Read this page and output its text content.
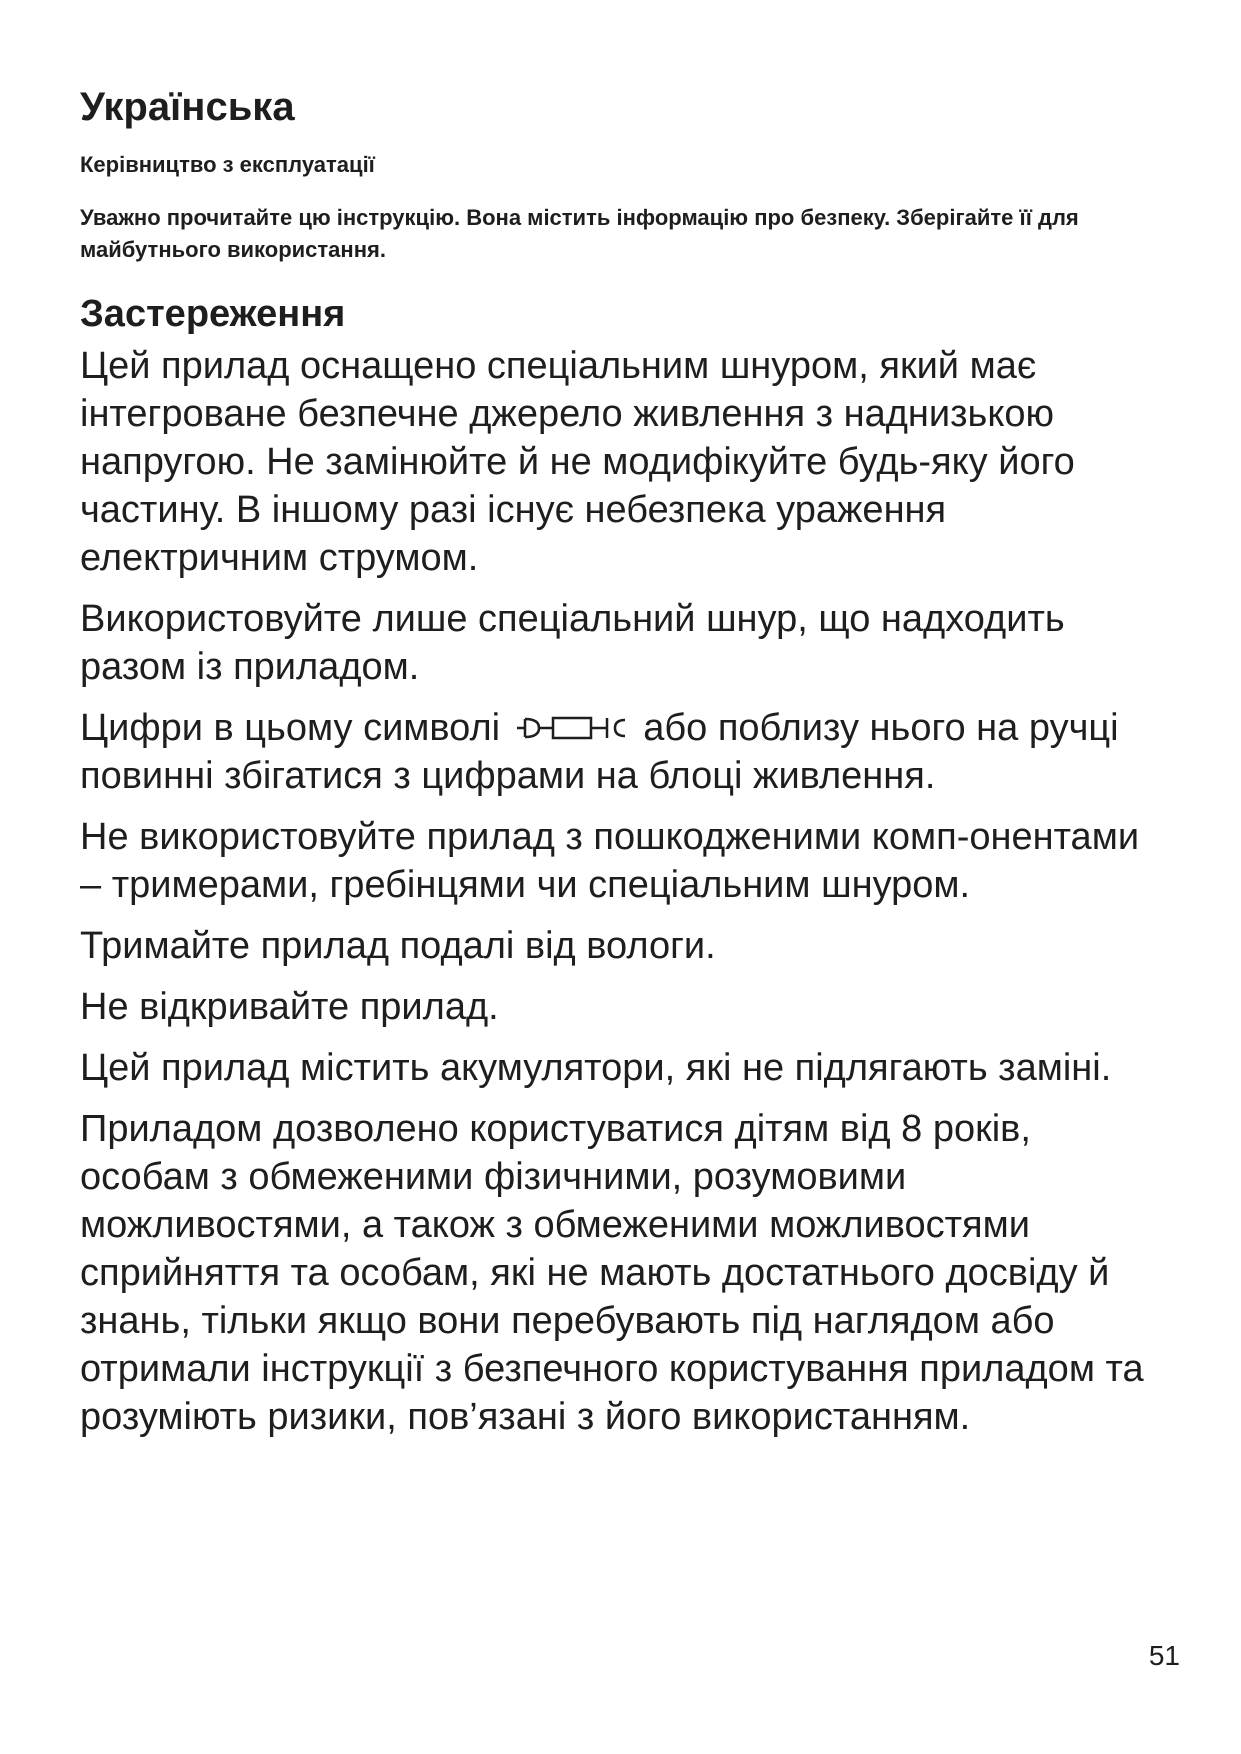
Українська
Керівництво з експлуатації
Уважно прочитайте цю інструкцію. Вона містить інформацію про безпеку. Зберігайте її для майбутнього використання.
Застереження

Цей прилад оснащено спеціальним шнуром, який має інтегроване безпечне джерело живлення з наднизькою напругою. Не замінюйте й не модифікуйте будь-яку його частину. В іншому разі існує небезпека ураження електричним струмом.

Використовуйте лише спеціальний шнур, що надходить разом із приладом.

Цифри в цьому символі	або поблизу нього на ручці повинні збігатися з цифрами на блоці живлення.

Не використовуйте прилад з пошкодженими комп-онентами – тримерами, гребінцями чи спеціальним шнуром.

Тримайте прилад подалі від вологи.

Не відкривайте прилад.

Цей прилад містить акумулятори, які не підлягають заміні.

Приладом дозволено користуватися дітям від 8 років, особам з обмеженими фізичними, розумовими можливостями, а також з обмеженими можливостями сприйняття та особам, які не мають достатнього досвіду й знань, тільки якщо вони перебувають під наглядом або отримали інструкції з безпечного користування приладом та розуміють ризики, пов’язані з його використанням.

51
